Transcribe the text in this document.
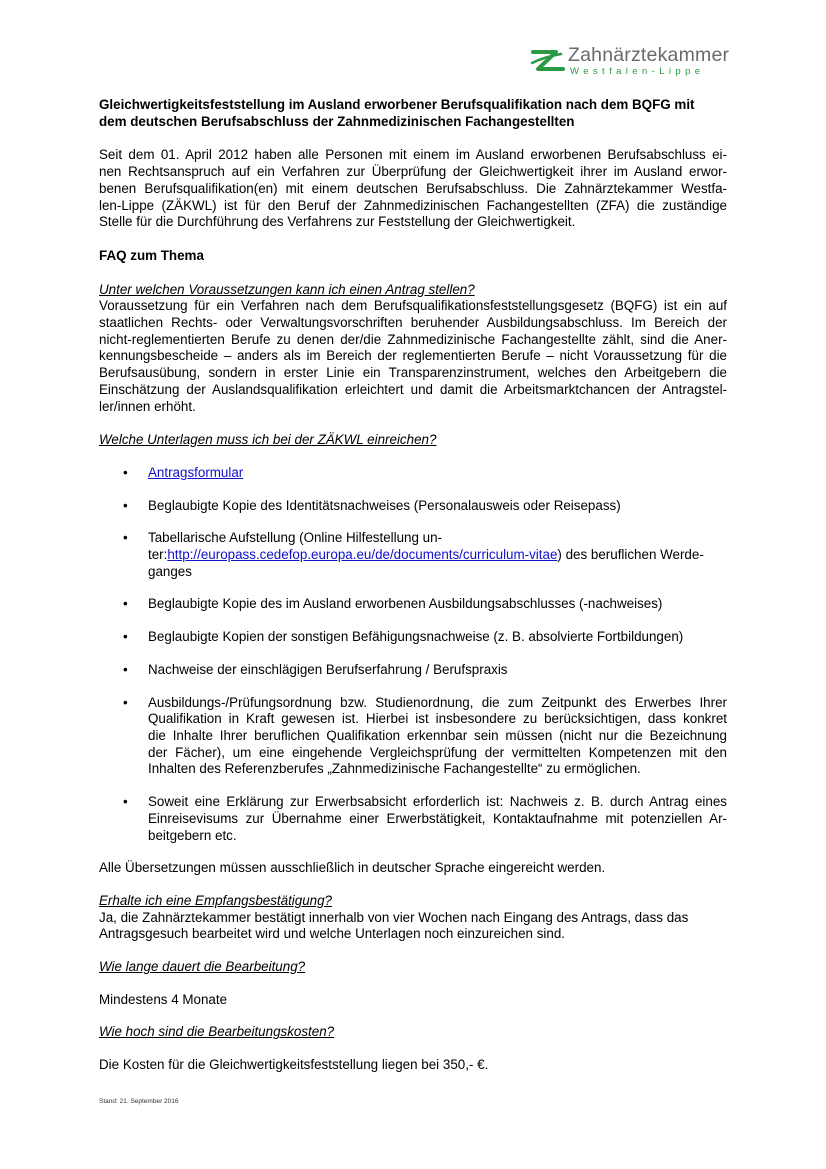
Zahnärztekammer
Westfalen-Lippe
Gleichwertigkeitsfeststellung im Ausland erworbener Berufsqualifikation nach dem BQFG mit
dem deutschen Berufsabschluss der Zahnmedizinischen Fachangestellten
Seit dem 01. April 2012 haben alle Personen mit einem im Ausland erworbenen Berufsabschluss ei-
nen Rechtsanspruch auf ein Verfahren zur Überprüfung der Gleichwertigkeit ihrer im Ausland erwor-
benen Berufsqualifikation(en) mit einem deutschen Berufsabschluss. Die Zahnärztekammer Westfa-
len-Lippe (ZÄKWL) ist für den Beruf der Zahnmedizinischen Fachangestellten (ZFA) die zuständige
Stelle für die Durchführung des Verfahrens zur Feststellung der Gleichwertigkeit.
FAQ zum Thema
Unter welchen Voraussetzungen kann ich einen Antrag stellen?
Voraussetzung für ein Verfahren nach dem Berufsqualifikationsfeststellungsgesetz (BQFG) ist ein auf
staatlichen Rechts- oder Verwaltungsvorschriften beruhender Ausbildungsabschluss. Im Bereich der
nicht-reglementierten Berufe zu denen der/die Zahnmedizinische Fachangestellte zählt, sind die Aner-
kennungsbescheide – anders als im Bereich der reglementierten Berufe – nicht Voraussetzung für die
Berufsausübung, sondern in erster Linie ein Transparenzinstrument, welches den Arbeitgebern die
Einschätzung der Auslandsqualifikation erleichtert und damit die Arbeitsmarktchancen der Antragstel-
ler/innen erhöht.
Welche Unterlagen muss ich bei der ZÄKWL einreichen?
• Antragsformular
• Beglaubigte Kopie des Identitätsnachweises (Personalausweis oder Reisepass)
• Tabellarische Aufstellung (Online Hilfestellung un-
ter:http://europass.cedefop.europa.eu/de/documents/curriculum-vitae) des beruflichen Werde-
ganges
• Beglaubigte Kopie des im Ausland erworbenen Ausbildungsabschlusses (-nachweises)
• Beglaubigte Kopien der sonstigen Befähigungsnachweise (z. B. absolvierte Fortbildungen)
• Nachweise der einschlägigen Berufserfahrung / Berufspraxis
• Ausbildungs-/Prüfungsordnung bzw. Studienordnung, die zum Zeitpunkt des Erwerbes Ihrer
Qualifikation in Kraft gewesen ist. Hierbei ist insbesondere zu berücksichtigen, dass konkret
die Inhalte Ihrer beruflichen Qualifikation erkennbar sein müssen (nicht nur die Bezeichnung
der Fächer), um eine eingehende Vergleichsprüfung der vermittelten Kompetenzen mit den
Inhalten des Referenzberufes „Zahnmedizinische Fachangestellte“ zu ermöglichen.
• Soweit eine Erklärung zur Erwerbsabsicht erforderlich ist: Nachweis z. B. durch Antrag eines
Einreisevisums zur Übernahme einer Erwerbstätigkeit, Kontaktaufnahme mit potenziellen Ar-
beitgebern etc.
Alle Übersetzungen müssen ausschließlich in deutscher Sprache eingereicht werden.
Erhalte ich eine Empfangsbestätigung?
Ja, die Zahnärztekammer bestätigt innerhalb von vier Wochen nach Eingang des Antrags, dass das
Antragsgesuch bearbeitet wird und welche Unterlagen noch einzureichen sind.
Wie lange dauert die Bearbeitung?
Mindestens 4 Monate
Wie hoch sind die Bearbeitungskosten?
Die Kosten für die Gleichwertigkeitsfeststellung liegen bei 350,- €.
Stand: 21. September 2016
